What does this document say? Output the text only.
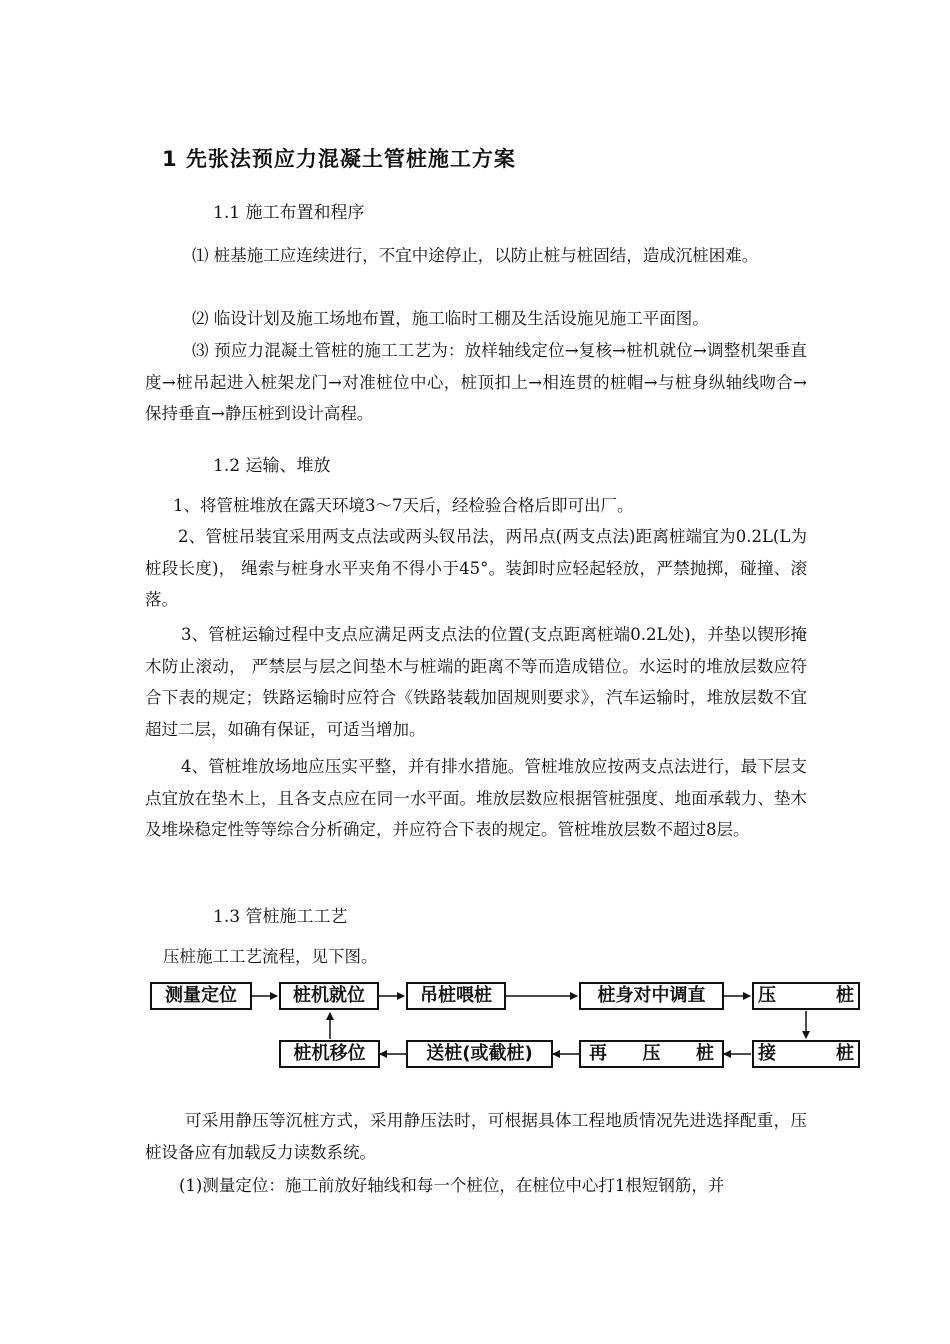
1 先张法预应力混凝土管桩施工方案
1.1 施工布置和程序
⑴ 桩基施工应连续进行，不宜中途停止，以防止桩与桩固结，造成沉桩困难。
⑵ 临设计划及施工场地布置，施工临时工棚及生活设施见施工平面图。
⑶ 预应力混凝土管桩的施工工艺为：放样轴线定位→复核→桩机就位→调整机架垂直度→桩吊起进入桩架龙门→对准桩位中心，桩顶扣上→相连贯的桩帽→与桩身纵轴线吻合→保持垂直→静压桩到设计高程。
1.2 运输、堆放
1、将管桩堆放在露天环境3～7天后，经检验合格后即可出厂。
2、管桩吊装宜采用两支点法或两头钗吊法，两吊点(两支点法)距离桩端宜为0.2L(L为桩段长度)， 绳索与桩身水平夹角不得小于45°。装卸时应轻起轻放，严禁抛掷，碰撞、滚落。
3、管桩运输过程中支点应满足两支点法的位置(支点距离桩端0.2L处)，并垫以锲形掩木防止滚动， 严禁层与层之间垫木与桩端的距离不等而造成错位。水运时的堆放层数应符合下表的规定；铁路运输时应符合《铁路装载加固规则要求》，汽车运输时，堆放层数不宜超过二层，如确有保证，可适当增加。
4、管桩堆放场地应压实平整，并有排水措施。管桩堆放应按两支点法进行，最下层支点宜放在垫木上，且各支点应在同一水平面。堆放层数应根据管桩强度、地面承载力、垫木及堆垛稳定性等等综合分析确定，并应符合下表的规定。管桩堆放层数不超过8层。
1.3 管桩施工工艺
压桩施工工艺流程，见下图。
测量定位	桩机就位	吊桩喂桩	桩身对中调直	压	桩
接	桩
再 压 桩
送桩(或截桩)
桩机移位
可采用静压等沉桩方式，采用静压法时，可根据具体工程地质情况先进选择配重，压桩设备应有加载反力读数系统。
(1)测量定位：施工前放好轴线和每一个桩位，在桩位中心打1根短钢筋，并
